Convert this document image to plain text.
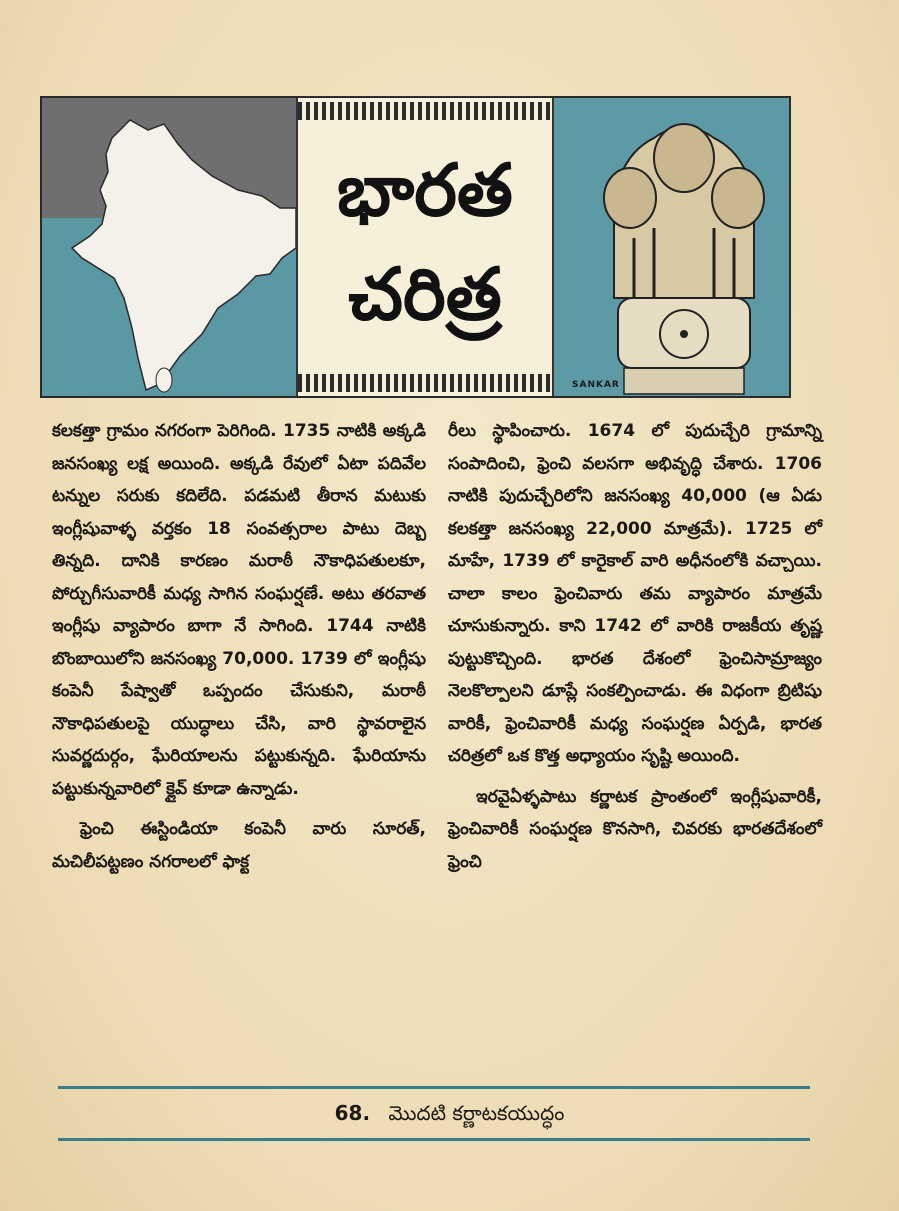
భారత
చరిత్ర
SANKAR

కలకత్తా గ్రామం నగరంగా పెరిగింది. 1735 నాటికి అక్కడి జనసంఖ్య లక్ష అయింది. అక్కడి రేవులో ఏటా పదివేల టన్నుల సరుకు కదిలేది. పడమటి తీరాన మటుకు ఇంగ్లీషువాళ్ళ వర్తకం 18 సంవత్సరాల పాటు దెబ్బ తిన్నది. దానికి కారణం మరాఠీ నౌకాధిపతులకూ, పోర్చుగీసువారికీ మధ్య సాగిన సంఘర్షణే. అటు తరవాత ఇంగ్లీషు వ్యాపారం బాగా నే సాగింది. 1744 నాటికి బొంబాయిలోని జనసంఖ్య 70,000. 1739 లో ఇంగ్లీషు కంపెనీ పేష్వాతో ఒప్పందం చేసుకుని, మరాఠీ నౌకాధిపతులపై యుద్ధాలు చేసి, వారి స్థావరాలైన సువర్ణదుర్గం, ఘేరియాలను పట్టుకున్నది. ఘేరియాను పట్టుకున్నవారిలో క్లైవ్ కూడా ఉన్నాడు.

ఫ్రెంచి ఈస్టిండియా కంపెనీ వారు సూరత్, మచిలీపట్టణం నగరాలలో ఫాక్ట

రీలు స్థాపించారు. 1674 లో పుదుచ్చేరి గ్రామాన్ని సంపాదించి, ఫ్రెంచి వలసగా అభివృద్ధి చేశారు. 1706 నాటికి పుదుచ్చేరిలోని జనసంఖ్య 40,000 (ఆ ఏడు కలకత్తా జనసంఖ్య 22,000 మాత్రమే). 1725 లో మాహే, 1739 లో కారైకాల్ వారి అధీనంలోకి వచ్చాయి. చాలా కాలం ఫ్రెంచివారు తమ వ్యాపారం మాత్రమే చూసుకున్నారు. కాని 1742 లో వారికి రాజకీయ తృష్ణ పుట్టుకొచ్చింది. భారత దేశంలో ఫ్రెంచిసామ్రాజ్యం నెలకొల్పాలని డూప్లే సంకల్పించాడు. ఈ విధంగా బ్రిటిషు వారికీ, ఫ్రెంచివారికీ మధ్య సంఘర్షణ ఏర్పడి, భారత చరిత్రలో ఒక కొత్త అధ్యాయం సృష్టి అయింది.

ఇరవైఏళ్ళపాటు కర్ణాటక ప్రాంతంలో ఇంగ్లీషువారికీ, ఫ్రెంచివారికీ సంఘర్షణ కొనసాగి, చివరకు భారతదేశంలో ఫ్రెంచి

68. మొదటి కర్ణాటకయుద్ధం
